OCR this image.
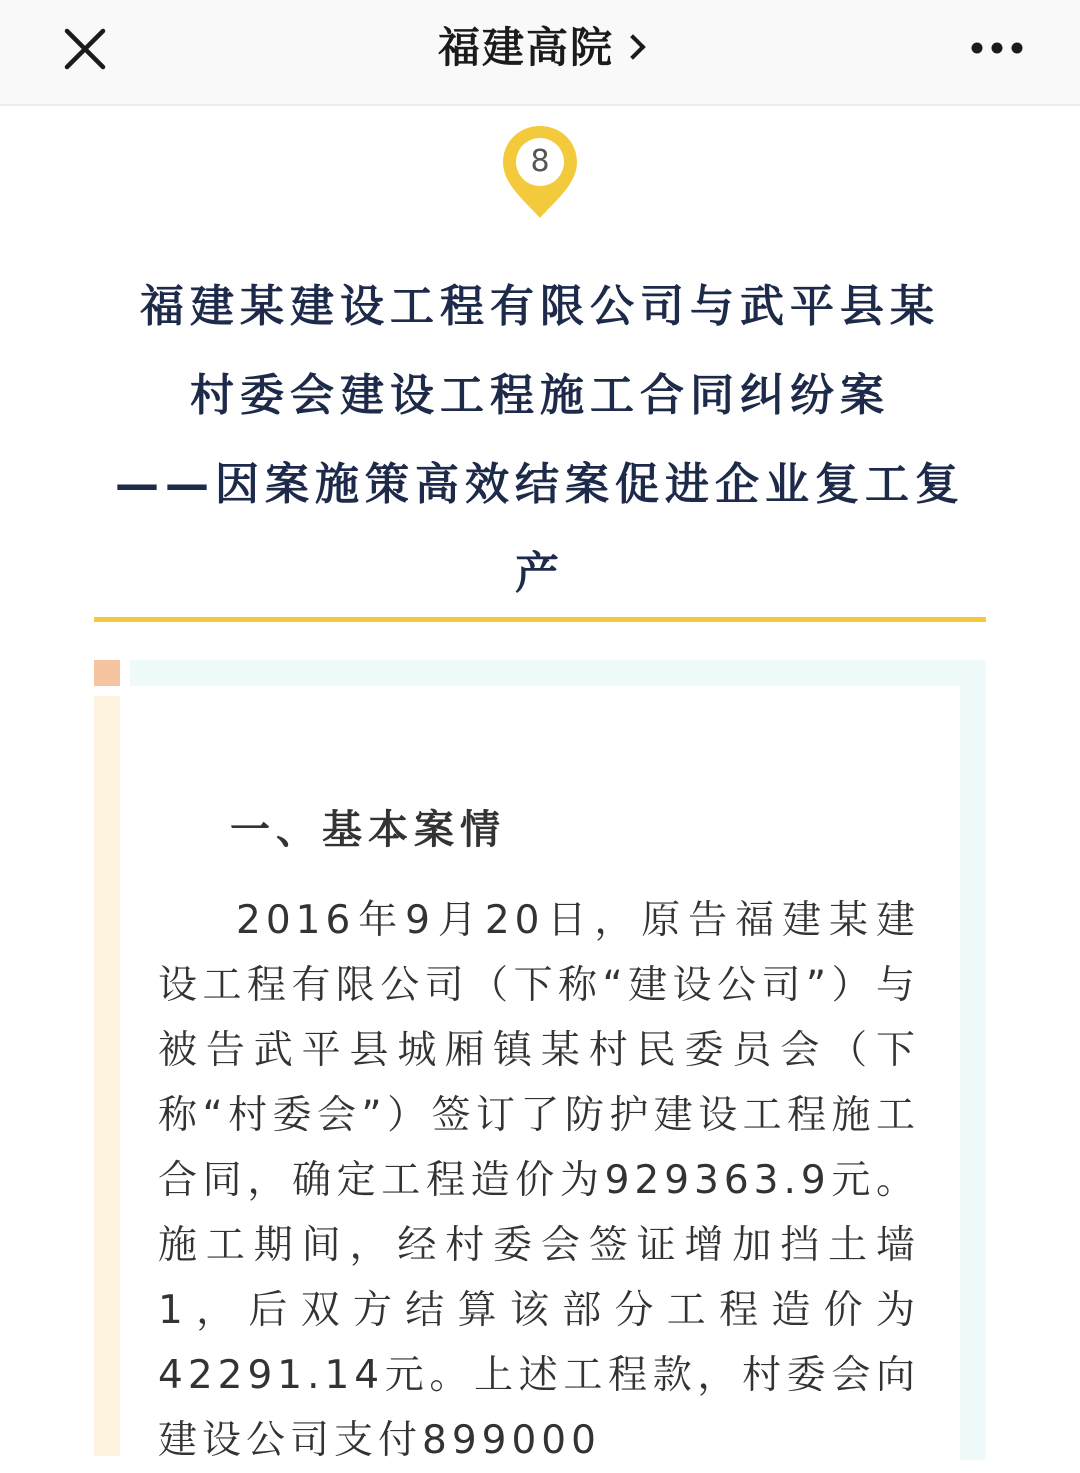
福建高院
8
福建某建设工程有限公司与武平县某
村委会建设工程施工合同纠纷案
——因案施策高效结案促进企业复工复
产
一、基本案情

2016年9月20日，原告福建某建设工程有限公司（下称“建设公司”）与被告武平县城厢镇某村民委员会（下称“村委会”）签订了防护建设工程施工合同，确定工程造价为929363.9元。施工期间，经村委会签证增加挡土墙1，后双方结算该部分工程造价为42291.14元。上述工程款，村委会向建设公司支付899000
